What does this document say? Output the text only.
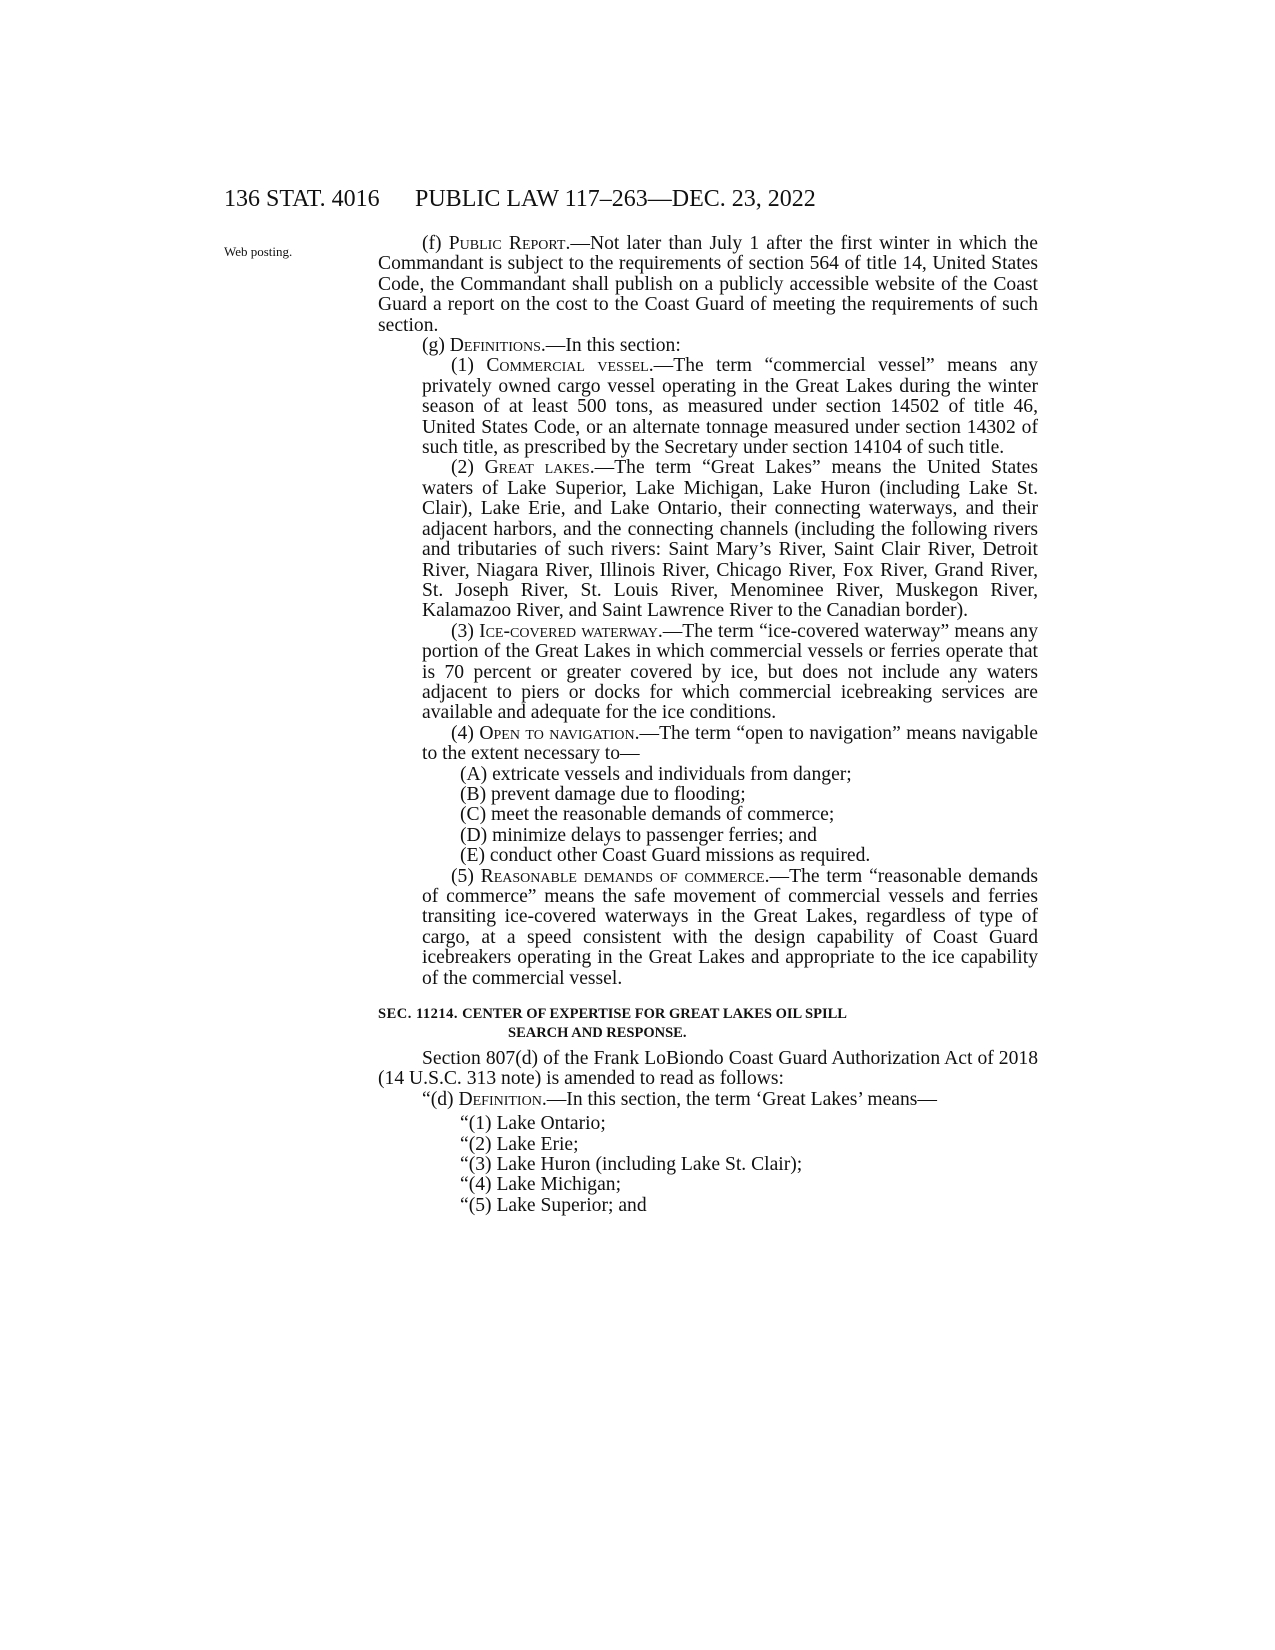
136 STAT. 4016 PUBLIC LAW 117–263—DEC. 23, 2022
Web posting.	(f) Public Report.—Not later than July 1 after the first winter in which the Commandant is subject to the requirements of section 564 of title 14, United States Code, the Commandant shall publish on a publicly accessible website of the Coast Guard a report on the cost to the Coast Guard of meeting the requirements of such section.

(g) Definitions.—In this section:

(1) Commercial vessel.—The term “commercial vessel” means any privately owned cargo vessel operating in the Great Lakes during the winter season of at least 500 tons, as measured under section 14502 of title 46, United States Code, or an alternate tonnage measured under section 14302 of such title, as prescribed by the Secretary under section 14104 of such title.

(2) Great lakes.—The term “Great Lakes” means the United States waters of Lake Superior, Lake Michigan, Lake Huron (including Lake St. Clair), Lake Erie, and Lake Ontario, their connecting waterways, and their adjacent harbors, and the connecting channels (including the following rivers and tributaries of such rivers: Saint Mary’s River, Saint Clair River, Detroit River, Niagara River, Illinois River, Chicago River, Fox River, Grand River, St. Joseph River, St. Louis River, Menominee River, Muskegon River, Kalamazoo River, and Saint Lawrence River to the Canadian border).

(3) Ice-covered waterway.—The term “ice-covered waterway” means any portion of the Great Lakes in which commercial vessels or ferries operate that is 70 percent or greater covered by ice, but does not include any waters adjacent to piers or docks for which commercial icebreaking services are available and adequate for the ice conditions.

(4) Open to navigation.—The term “open to navigation” means navigable to the extent necessary to—

(A) extricate vessels and individuals from danger;

(B) prevent damage due to flooding;

(C) meet the reasonable demands of commerce;

(D) minimize delays to passenger ferries; and

(E) conduct other Coast Guard missions as required.

(5) Reasonable demands of commerce.—The term “reasonable demands of commerce” means the safe movement of commercial vessels and ferries transiting ice-covered waterways in the Great Lakes, regardless of type of cargo, at a speed consistent with the design capability of Coast Guard icebreakers operating in the Great Lakes and appropriate to the ice capability of the commercial vessel.

SEC. 11214. CENTER OF EXPERTISE FOR GREAT LAKES OIL SPILL
SEARCH AND RESPONSE.

Section 807(d) of the Frank LoBiondo Coast Guard Authorization Act of 2018 (14 U.S.C. 313 note) is amended to read as follows:

“(d) Definition.—In this section, the term ‘Great Lakes’ means—

“(1) Lake Ontario;

“(2) Lake Erie;

“(3) Lake Huron (including Lake St. Clair);

“(4) Lake Michigan;

“(5) Lake Superior; and
